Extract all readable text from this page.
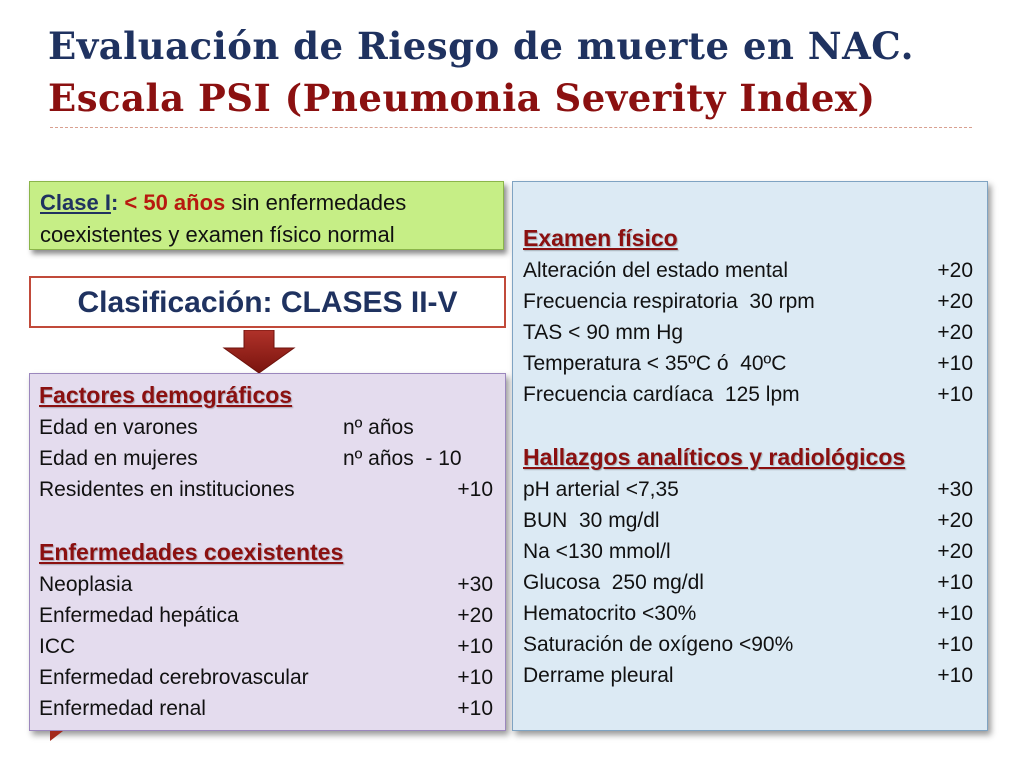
Evaluación de Riesgo de muerte en NAC.
Escala PSI (Pneumonia Severity Index)
Clase I: < 50 años sin enfermedades
coexistentes y examen físico normal
Clasificación: CLASES II-V
Factores demográficos
Edad en varones	nº años
Edad en mujeres	nº años  - 10
Residentes en instituciones	+10
Enfermedades coexistentes
Neoplasia	+30
Enfermedad hepática	+20
ICC	+10
Enfermedad cerebrovascular	+10
Enfermedad renal	+10
Examen físico
Alteración del estado mental	+20
Frecuencia respiratoria  30 rpm	+20
TAS < 90 mm Hg	+20
Temperatura < 35ºC ó  40ºC	+10
Frecuencia cardíaca  125 lpm	+10
Hallazgos analíticos y radiológicos
pH arterial <7,35	+30
BUN  30 mg/dl	+20
Na <130 mmol/l	+20
Glucosa  250 mg/dl	+10
Hematocrito <30%	+10
Saturación de oxígeno <90%	+10
Derrame pleural	+10
